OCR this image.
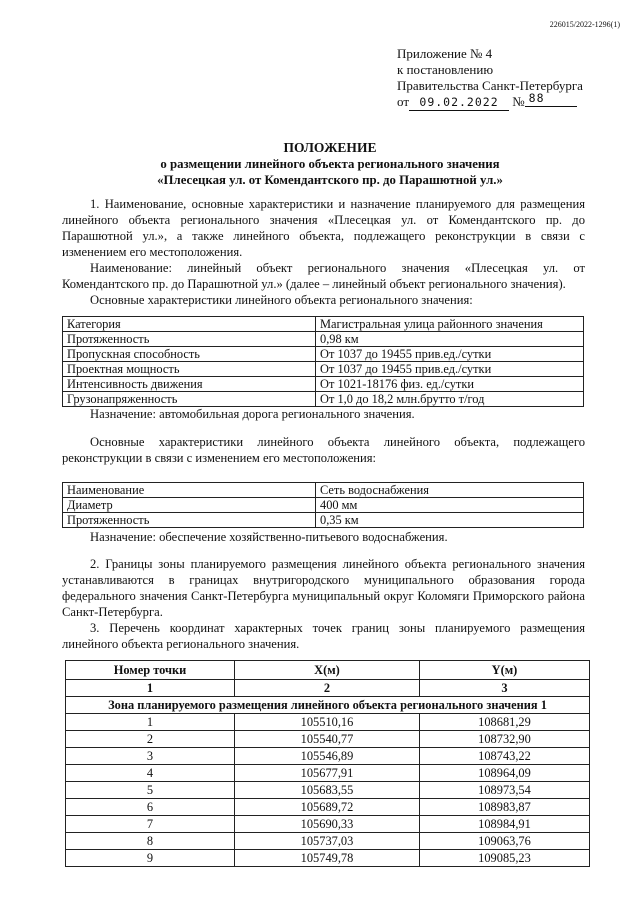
226015/2022-1296(1)
Приложение № 4
к постановлению
Правительства Санкт-Петербурга
от 09.02.2022 № 88
ПОЛОЖЕНИЕ
о размещении линейного объекта регионального значения
«Плесецкая ул. от Комендантского пр. до Парашютной ул.»

1. Наименование, основные характеристики и назначение планируемого для размещения линейного объекта регионального значения «Плесецкая ул. от Комендантского пр. до Парашютной ул.», а также линейного объекта, подлежащего реконструкции в связи с изменением его местоположения.

Наименование: линейный объект регионального значения «Плесецкая ул. от Комендантского пр. до Парашютной ул.» (далее – линейный объект регионального значения).

Основные характеристики линейного объекта регионального значения:

Категория	Магистральная улица районного значения
Протяженность	0,98 км
Пропускная способность	От 1037 до 19455 прив.ед./сутки
Проектная мощность	От 1037 до 19455 прив.ед./сутки
Интенсивность движения	От 1021-18176 физ. ед./сутки
Грузонапряженность	От 1,0 до 18,2 млн.брутто т/год
Назначение: автомобильная дорога регионального значения.

Основные характеристики линейного объекта линейного объекта, подлежащего реконструкции в связи с изменением его местоположения:

Наименование	Сеть водоснабжения
Диаметр	400 мм
Протяженность	0,35 км
Назначение: обеспечение хозяйственно-питьевого водоснабжения.

2. Границы зоны планируемого размещения линейного объекта регионального значения устанавливаются в границах внутригородского муниципального образования города федерального значения Санкт-Петербурга муниципальный округ Коломяги Приморского района Санкт-Петербурга.

3. Перечень координат характерных точек границ зоны планируемого размещения линейного объекта регионального значения.

Номер точки	X(м)	Y(м)
1	2	3
Зона планируемого размещения линейного объекта регионального значения 1		
1	105510,16	108681,29
2	105540,77	108732,90
3	105546,89	108743,22
4	105677,91	108964,09
5	105683,55	108973,54
6	105689,72	108983,87
7	105690,33	108984,91
8	105737,03	109063,76
9	105749,78	109085,23
